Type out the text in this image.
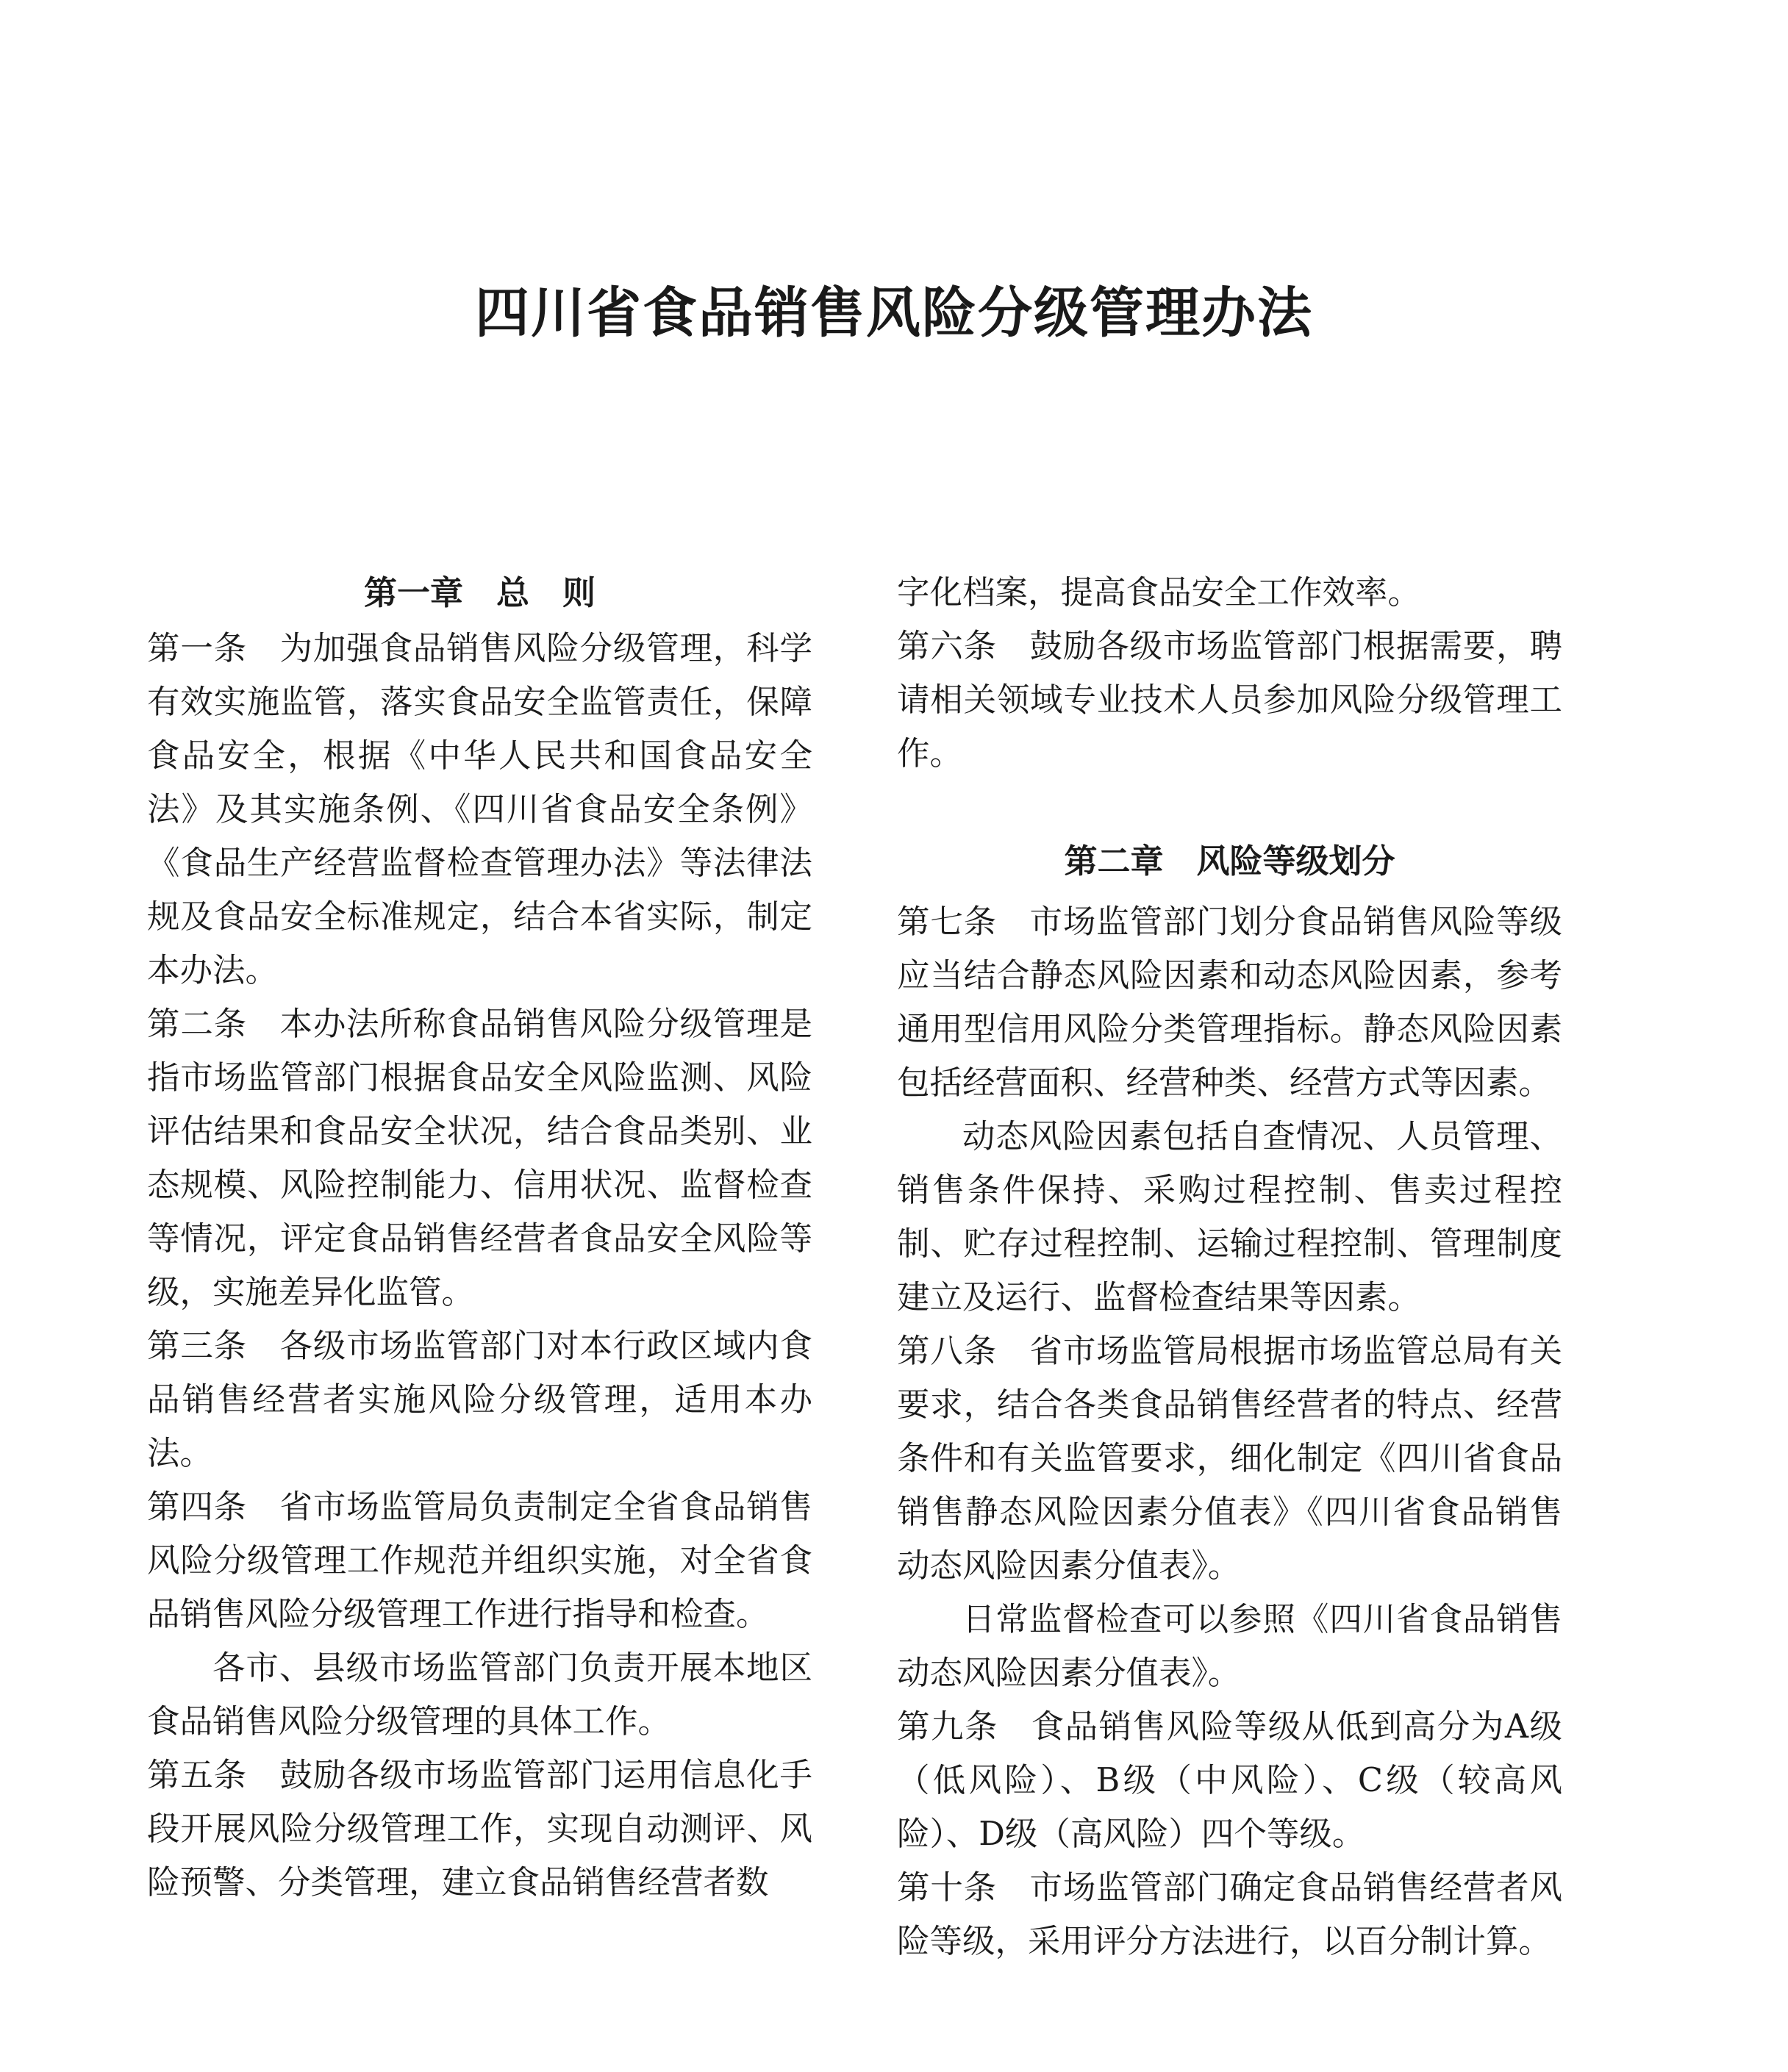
四川省食品销售风险分级管理办法
第一章　总　则

第一条 为加强食品销售风险分级管理，科学有效实施监管，落实食品安全监管责任，保障食品安全，根据《中华人民共和国食品安全法》及其实施条例、《四川省食品安全条例》《食品生产经营监督检查管理办法》等法律法规及食品安全标准规定，结合本省实际，制定本办法。

第二条 本办法所称食品销售风险分级管理是指市场监管部门根据食品安全风险监测、风险评估结果和食品安全状况，结合食品类别、业态规模、风险控制能力、信用状况、监督检查等情况，评定食品销售经营者食品安全风险等级，实施差异化监管。

第三条 各级市场监管部门对本行政区域内食品销售经营者实施风险分级管理，适用本办法。

第四条 省市场监管局负责制定全省食品销售风险分级管理工作规范并组织实施，对全省食品销售风险分级管理工作进行指导和检查。

各市、县级市场监管部门负责开展本地区食品销售风险分级管理的具体工作。

第五条 鼓励各级市场监管部门运用信息化手段开展风险分级管理工作，实现自动测评、风险预警、分类管理，建立食品销售经营者数

字化档案，提高食品安全工作效率。

第六条 鼓励各级市场监管部门根据需要，聘请相关领域专业技术人员参加风险分级管理工作。

第二章　风险等级划分

第七条 市场监管部门划分食品销售风险等级应当结合静态风险因素和动态风险因素，参考通用型信用风险分类管理指标。静态风险因素包括经营面积、经营种类、经营方式等因素。

动态风险因素包括自查情况、人员管理、销售条件保持、采购过程控制、售卖过程控制、贮存过程控制、运输过程控制、管理制度建立及运行、监督检查结果等因素。

第八条 省市场监管局根据市场监管总局有关要求，结合各类食品销售经营者的特点、经营条件和有关监管要求，细化制定《四川省食品销售静态风险因素分值表》《四川省食品销售动态风险因素分值表》。

日常监督检查可以参照《四川省食品销售动态风险因素分值表》。

第九条 食品销售风险等级从低到高分为A级（低风险）、B级（中风险）、C级（较高风险）、D级（高风险）四个等级。

第十条 市场监管部门确定食品销售经营者风险等级，采用评分方法进行，以百分制计算。
